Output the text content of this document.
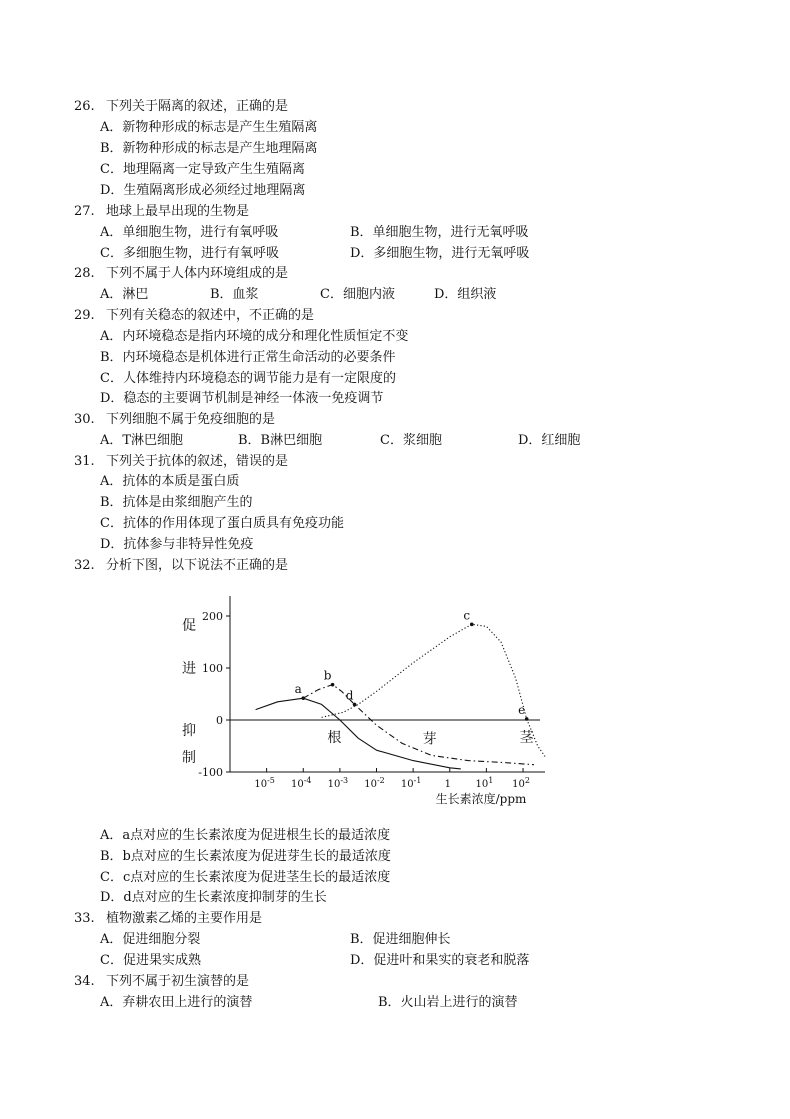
26. 下列关于隔离的叙述，正确的是
A．新物种形成的标志是产生生殖隔离
B．新物种形成的标志是产生地理隔离
C．地理隔离一定导致产生生殖隔离
D．生殖隔离形成必须经过地理隔离
27. 地球上最早出现的生物是
A．单细胞生物，进行有氧呼吸	B．单细胞生物，进行无氧呼吸
C．多细胞生物，进行有氧呼吸	D．多细胞生物，进行无氧呼吸
28. 下列不属于人体内环境组成的是
A．淋巴	B．血浆	C．细胞内液	D．组织液
29. 下列有关稳态的叙述中，不正确的是
A．内环境稳态是指内环境的成分和理化性质恒定不变
B．内环境稳态是机体进行正常生命活动的必要条件
C．人体维持内环境稳态的调节能力是有一定限度的
D．稳态的主要调节机制是神经一体液一免疫调节
30. 下列细胞不属于免疫细胞的是
A．T淋巴细胞	B．B淋巴细胞	C．浆细胞	D．红细胞
31. 下列关于抗体的叙述，错误的是
A．抗体的本质是蛋白质
B．抗体是由浆细胞产生的
C．抗体的作用体现了蛋白质具有免疫功能
D．抗体参与非特异性免疫
32. 分析下图，以下说法不正确的是
A．a点对应的生长素浓度为促进根生长的最适浓度
B．b点对应的生长素浓度为促进芽生长的最适浓度
C．c点对应的生长素浓度为促进茎生长的最适浓度
D．d点对应的生长素浓度抑制芽的生长
33. 植物激素乙烯的主要作用是
A．促进细胞分裂	B．促进细胞伸长
C．促进果实成熟	D．促进叶和果实的衰老和脱落
34. 下列不属于初生演替的是
A．弃耕农田上进行的演替	B．火山岩上进行的演替
200
100
0
-100
促
进
抑
制
$10^{-5}$ $10^{-4}$ $10^{-3}$ $10^{-2}$ $10^{-1}$ 1 $10^1$ $10^2$
生长素浓度/ppm
根	芽	茎
a
b
c
d
e
